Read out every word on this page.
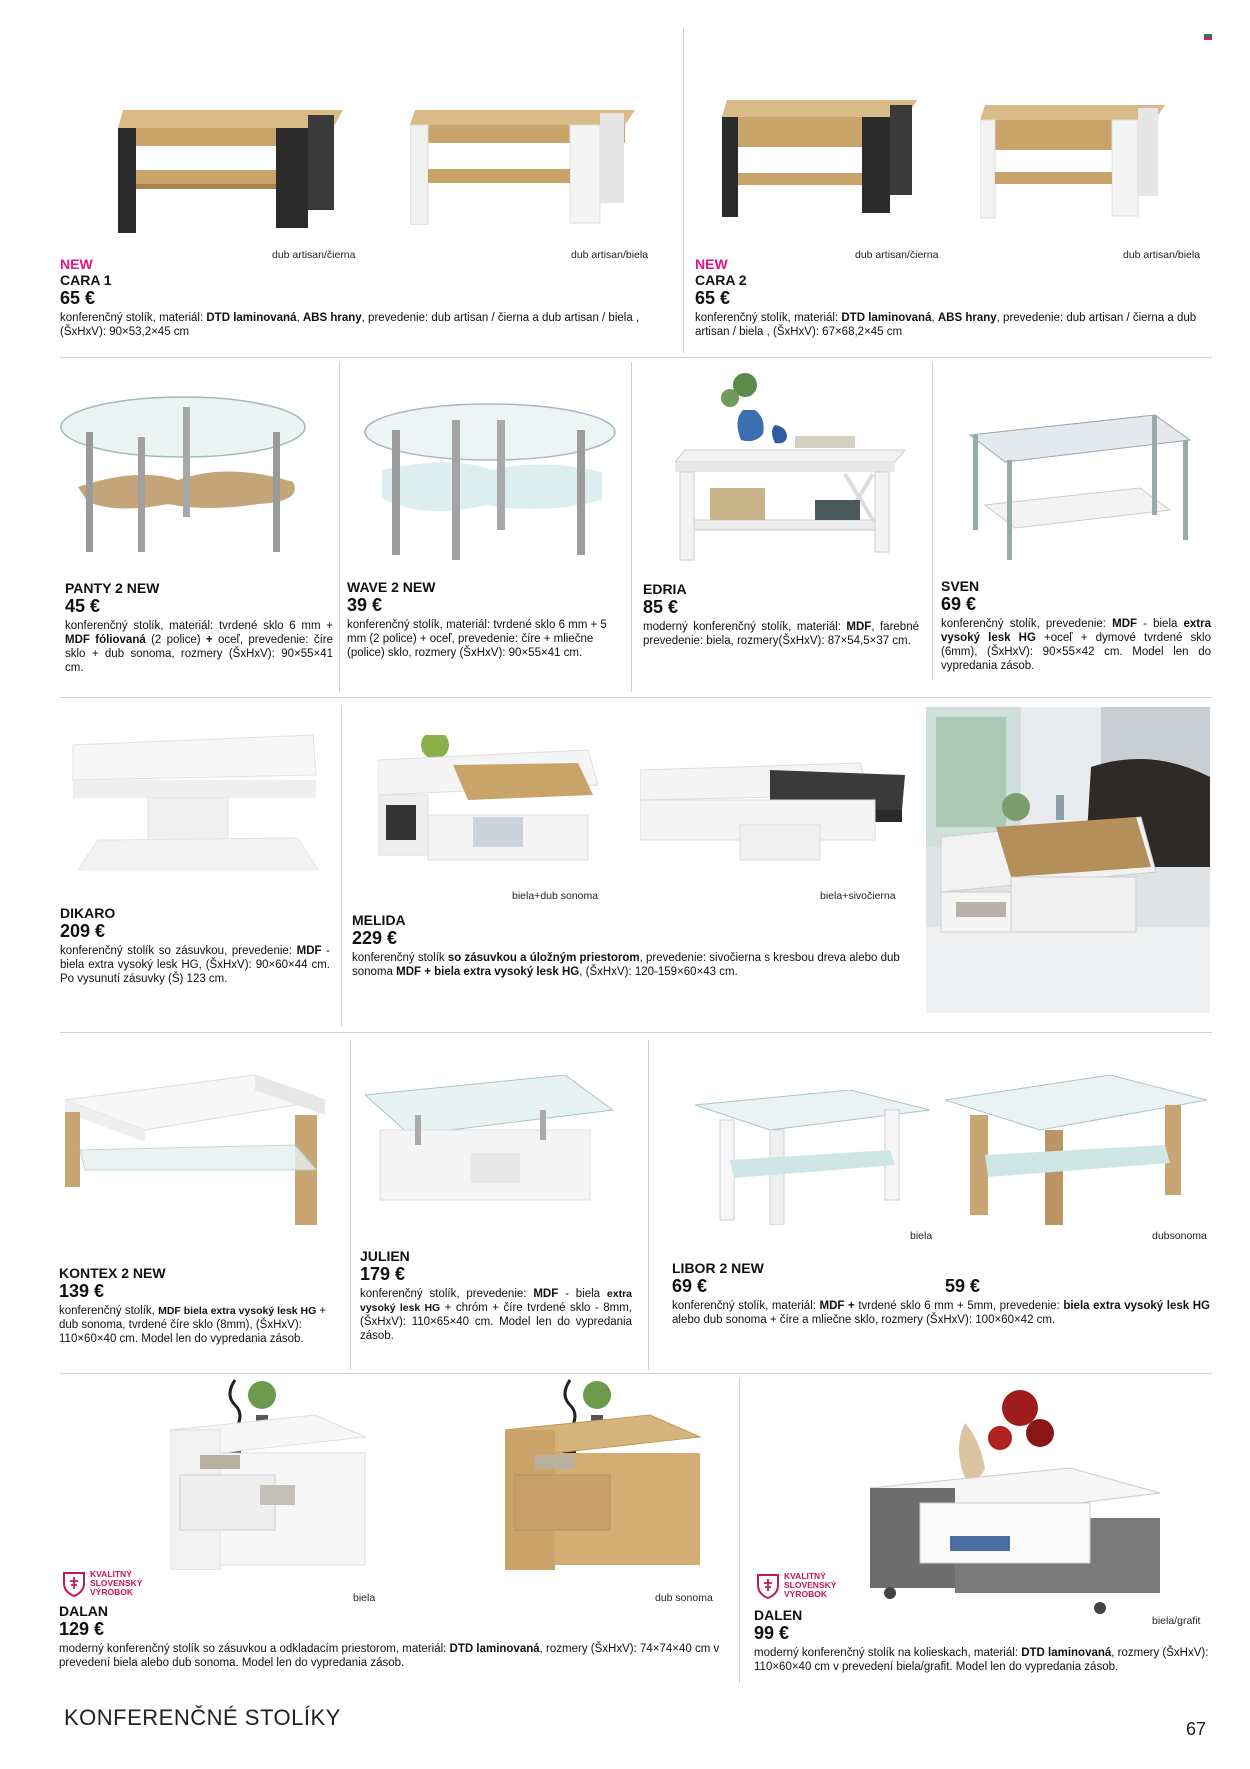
dub artisan/čierna	dub artisan/biela
NEW
CARA 1
65 €
konferenčný stolík, materiál: DTD laminovaná, ABS hrany, prevedenie: dub artisan / čierna a dub artisan / biela , (ŠxHxV): 90×53,2×45 cm
dub artisan/čierna	dub artisan/biela
NEW
CARA 2
65 €
konferenčný stolík, materiál: DTD laminovaná, ABS hrany, prevedenie: dub artisan / čierna a dub artisan / biela , (ŠxHxV): 67×68,2×45 cm
PANTY 2 NEW
45 €
konferenčný stolík, materiál: tvrdené sklo 6 mm + MDF fóliovaná (2 police) + oceľ, prevedenie: číre sklo + dub sonoma, rozmery (ŠxHxV): 90×55×41 cm.
WAVE 2 NEW
39 €
konferenčný stolík, materiál: tvrdené sklo 6 mm + 5 mm (2 police) + oceľ, prevedenie: číre + mliečne (police) sklo, rozmery (ŠxHxV): 90×55×41 cm.
EDRIA
85 €
moderný konferenčný stolík, materiál: MDF, farebné prevedenie: biela, rozmery(ŠxHxV): 87×54,5×37 cm.
SVEN
69 €
konferenčný stolík, prevedenie: MDF - biela extra vysoký lesk HG +oceľ + dymové tvrdené sklo (6mm), (ŠxHxV): 90×55×42 cm. Model len do vypredania zásob.
DIKARO
209 €
konferenčný stolík so zásuvkou, prevedenie: MDF - biela extra vysoký lesk HG, (ŠxHxV): 90×60×44 cm. Po vysunutí zásuvky (Š) 123 cm.
biela+dub sonoma	biela+sivočierna
MELIDA
229 €
konferenčný stolík so zásuvkou a úložným priestorom, prevedenie: sivočierna s kresbou dreva alebo dub sonoma MDF + biela extra vysoký lesk HG, (ŠxHxV): 120-159×60×43 cm.
KONTEX 2 NEW
139 €
konferenčný stolík, MDF biela extra vysoký lesk HG + dub sonoma, tvrdené číre sklo (8mm), (ŠxHxV): 110×60×40 cm. Model len do vypredania zásob.
JULIEN
179 €
konferenčný stolík, prevedenie: MDF - biela extra vysoký lesk HG + chróm + číre tvrdené sklo - 8mm, (ŠxHxV): 110×65×40 cm. Model len do vypredania zásob.
biela	dubsonoma
LIBOR 2 NEW
69 €
konferenčný stolík, materiál: MDF + tvrdené sklo 6 mm + 5mm, prevedenie: biela extra vysoký lesk HG alebo dub sonoma + číre a mliečne sklo, rozmery (ŠxHxV): 100×60×42 cm.
59 €
biela	dub sonoma
KVALITNÝ
SLOVENSKÝ
VÝROBOK
DALAN
129 €
moderný konferenčný stolík so zásuvkou a odkladacím priestorom, materiál: DTD laminovaná, rozmery (ŠxHxV): 74×74×40 cm v prevedení biela alebo dub sonoma. Model len do vypredania zásob.
biela/grafit
KVALITNÝ
SLOVENSKÝ
VÝROBOK
DALEN
99 €
moderný konferenčný stolík na kolieskach, materiál: DTD laminovaná, rozmery (ŠxHxV): 110×60×40 cm v prevedení biela/grafit. Model len do vypredania zásob.
KONFERENČNÉ STOLÍKY	67
